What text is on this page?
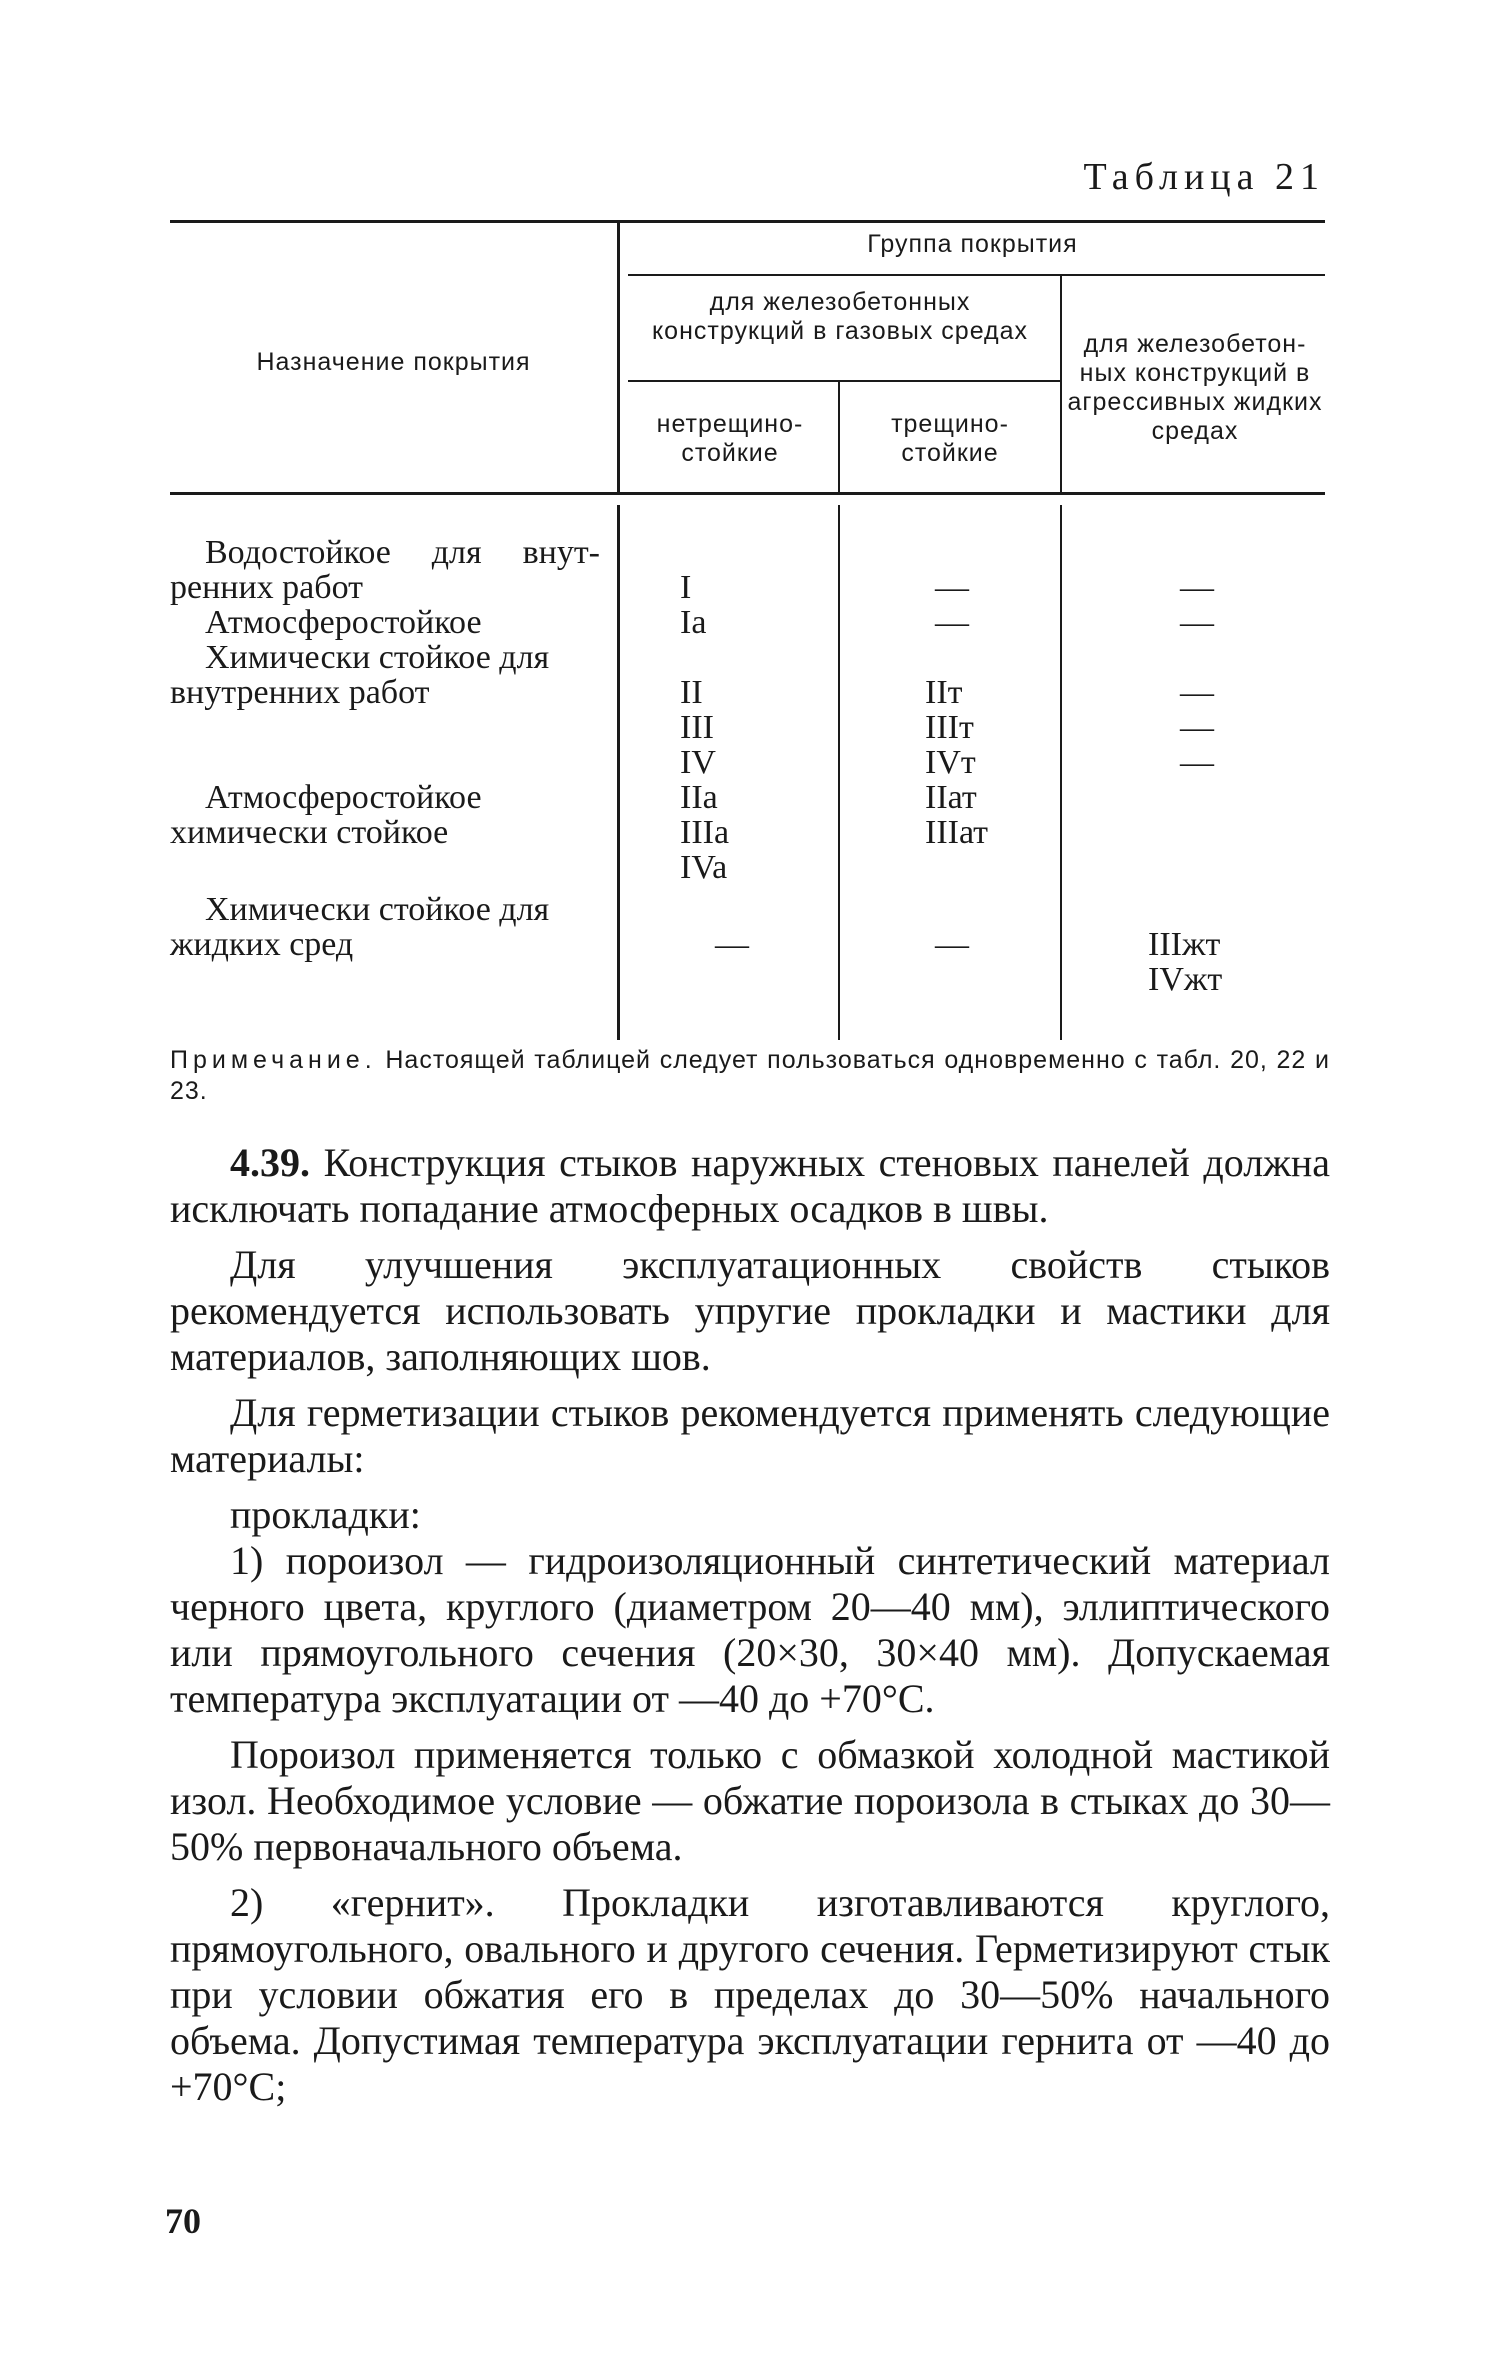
Таблица 21
Назначение покрытия
Группа покрытия
для железобетонных конструкций в газовых средах
нетрещино-стойкие
трещино-стойкие
для железобетон-ных конструкций в агрессивных жидких средах
Водостойкое для внут-ренних работ
Атмосферостойкое
Химически стойкое для внутренних работ
Атмосферостойкое химически стойкое
Химически стойкое для жидких сред
I
Ia
II
III
IV
IIa
IIIa
IVa
—
—
—
IIт
IIIт
IVт
IIат
IIIат
—
—
—
—
—
—
IIIжт
IVжт
Примечание. Настоящей таблицей следует пользоваться одновременно с табл. 20, 22 и 23.

4.39. Конструкция стыков наружных стеновых панелей должна исключать попадание атмосферных осадков в швы.

Для улучшения эксплуатационных свойств стыков рекомендуется использовать упругие прокладки и мастики для материалов, заполняющих шов.

Для герметизации стыков рекомендуется применять следующие материалы:

прокладки:

1) пороизол — гидроизоляционный синтетический материал черного цвета, круглого (диаметром 20—40 мм), эллиптического или прямоугольного сечения (20×30, 30×40 мм). Допускаемая температура эксплуатации от —40 до +70°С.

Пороизол применяется только с обмазкой холодной мастикой изол. Необходимое условие — обжатие пороизола в стыках до 30—50% первоначального объема.

2) «гернит». Прокладки изготавливаются круглого, прямоугольного, овального и другого сечения. Герметизируют стык при условии обжатия его в пределах до 30—50% начального объема. Допустимая температура эксплуатации гернита от —40 до +70°С;

70
